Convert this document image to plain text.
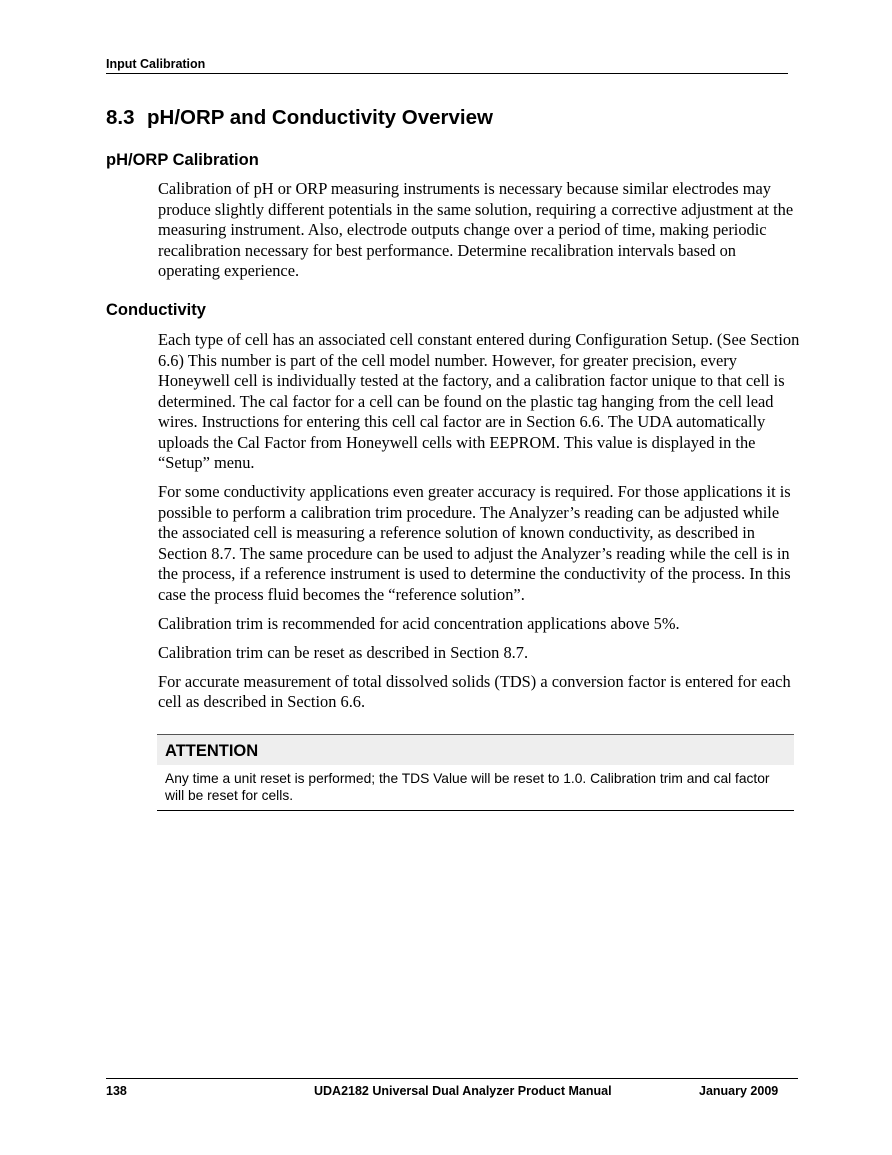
Input Calibration
8.3 pH/ORP and Conductivity Overview
pH/ORP Calibration

Calibration of pH or ORP measuring instruments is necessary because similar electrodes may produce slightly different potentials in the same solution, requiring a corrective adjustment at the measuring instrument. Also, electrode outputs change over a period of time, making periodic recalibration necessary for best performance. Determine recalibration intervals based on operating experience.

Conductivity

Each type of cell has an associated cell constant entered during Configuration Setup. (See Section 6.6) This number is part of the cell model number. However, for greater precision, every Honeywell cell is individually tested at the factory, and a calibration factor unique to that cell is determined. The cal factor for a cell can be found on the plastic tag hanging from the cell lead wires. Instructions for entering this cell cal factor are in Section 6.6. The UDA automatically uploads the Cal Factor from Honeywell cells with EEPROM. This value is displayed in the “Setup” menu.

For some conductivity applications even greater accuracy is required. For those applications it is possible to perform a calibration trim procedure. The Analyzer’s reading can be adjusted while the associated cell is measuring a reference solution of known conductivity, as described in Section 8.7. The same procedure can be used to adjust the Analyzer’s reading while the cell is in the process, if a reference instrument is used to determine the conductivity of the process. In this case the process fluid becomes the “reference solution”.

Calibration trim is recommended for acid concentration applications above 5%.

Calibration trim can be reset as described in Section 8.7.

For accurate measurement of total dissolved solids (TDS) a conversion factor is entered for each cell as described in Section 6.6.

ATTENTION
Any time a unit reset is performed; the TDS Value will be reset to 1.0. Calibration trim and cal factor will be reset for cells.
138	UDA2182 Universal Dual Analyzer Product Manual	January 2009
